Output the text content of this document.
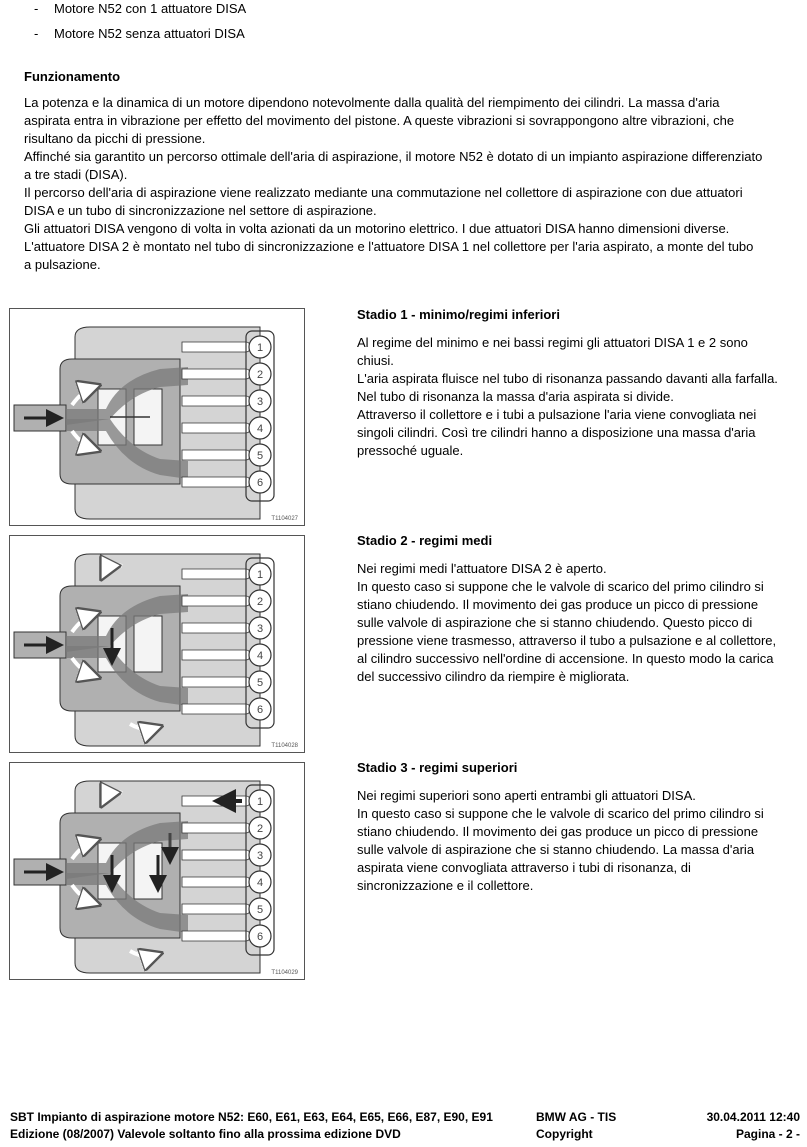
- Motore N52 con 1 attuatore DISA
- Motore N52 senza attuatori DISA
Funzionamento

La potenza e la dinamica di un motore dipendono notevolmente dalla qualità del riempimento dei cilindri. La massa d'aria aspirata entra in vibrazione per effetto del movimento del pistone. A queste vibrazioni si sovrappongono altre vibrazioni, che risultano da picchi di pressione.

Affinché sia garantito un percorso ottimale dell'aria di aspirazione, il motore N52 è dotato di un impianto aspirazione differenziato a tre stadi (DISA).

Il percorso dell'aria di aspirazione viene realizzato mediante una commutazione nel collettore di aspirazione con due attuatori DISA e un tubo di sincronizzazione nel settore di aspirazione.

Gli attuatori DISA vengono di volta in volta azionati da un motorino elettrico. I due attuatori DISA hanno dimensioni diverse. L'attuatore DISA 2 è montato nel tubo di sincronizzazione e l'attuatore DISA 1 nel collettore per l'aria aspirato, a monte del tubo a pulsazione.

1
2
3
4
5
6
T1104027
1
2
3
4
5
6
T1104028
1
2
3
4
5
6
T1104029
Stadio 1 - minimo/regimi inferiori

Al regime del minimo e nei bassi regimi gli attuatori DISA 1 e 2 sono chiusi.

L'aria aspirata fluisce nel tubo di risonanza passando davanti alla farfalla. Nel tubo di risonanza la massa d'aria aspirata si divide.

Attraverso il collettore e i tubi a pulsazione l'aria viene convogliata nei singoli cilindri. Così tre cilindri hanno a disposizione una massa d'aria pressoché uguale.

Stadio 2 - regimi medi

Nei regimi medi l'attuatore DISA 2 è aperto.

In questo caso si suppone che le valvole di scarico del primo cilindro si stiano chiudendo. Il movimento dei gas produce un picco di pressione sulle valvole di aspirazione che si stanno chiudendo. Questo picco di pressione viene trasmesso, attraverso il tubo a pulsazione e al collettore, al cilindro successivo nell'ordine di accensione. In questo modo la carica del successivo cilindro da riempire è migliorata.

Stadio 3 - regimi superiori

Nei regimi superiori sono aperti entrambi gli attuatori DISA.

In questo caso si suppone che le valvole di scarico del primo cilindro si stiano chiudendo. Il movimento dei gas produce un picco di pressione sulle valvole di aspirazione che si stanno chiudendo. La massa d'aria aspirata viene convogliata attraverso i tubi di risonanza, di sincronizzazione e il collettore.

SBT Impianto di aspirazione motore N52: E60, E61, E63, E64, E65, E66, E87, E90, E91	BMW AG - TIS	30.04.2011 12:40
Edizione (08/2007) Valevole soltanto fino alla prossima edizione DVD	Copyright	Pagina - 2 -
